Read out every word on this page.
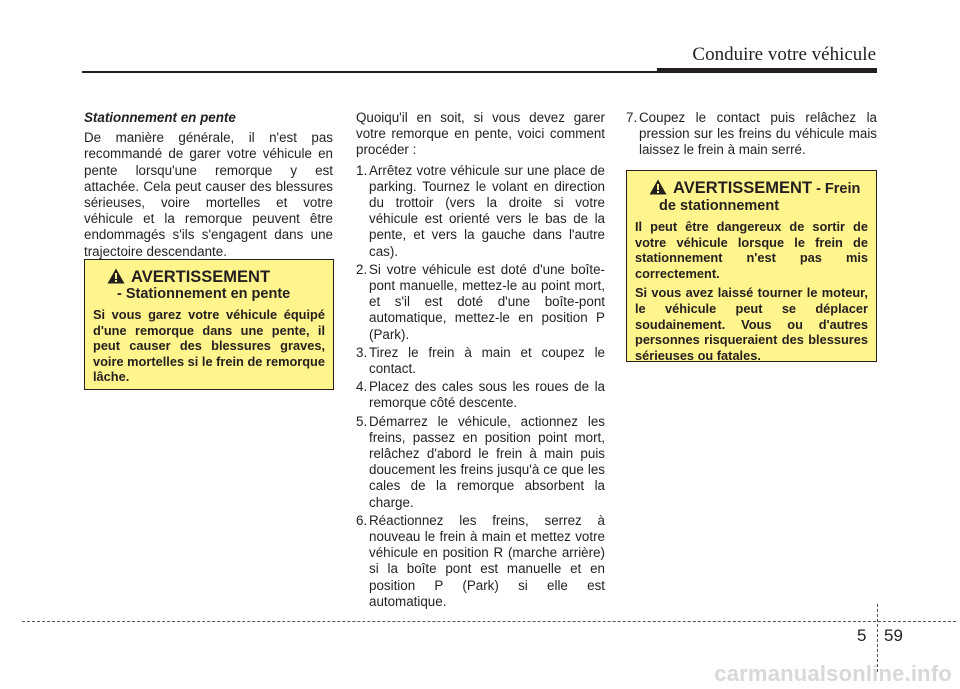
Conduire votre véhicule
Stationnement en pente

De manière générale, il n'est pas recommandé de garer votre véhicule en pente lorsqu'une remorque y est attachée. Cela peut causer des blessures sérieuses, voire mortelles et votre véhicule et la remorque peuvent être endommagés s'ils s'engagent dans une trajectoire descendante.

AVERTISSEMENT
- Stationnement en pente

Si vous garez votre véhicule équipé d'une remorque dans une pente, il peut causer des blessures graves, voire mortelles si le frein de remorque lâche.

Quoiqu'il en soit, si vous devez garer votre remorque en pente, voici comment procéder :

1. Arrêtez votre véhicule sur une place de parking. Tournez le volant en direction du trottoir (vers la droite si votre véhicule est orienté vers le bas de la pente, et vers la gauche dans l'autre cas).
2. Si votre véhicule est doté d'une boîte-pont manuelle, mettez-le au point mort, et s'il est doté d'une boîte-pont automatique, mettez-le en position P (Park).
3. Tirez le frein à main et coupez le contact.
4. Placez des cales sous les roues de la remorque côté descente.
5. Démarrez le véhicule, actionnez les freins, passez en position point mort, relâchez d'abord le frein à main puis doucement les freins jusqu'à ce que les cales de la remorque absorbent la charge.
6. Réactionnez les freins, serrez à nouveau le frein à main et mettez votre véhicule en position R (marche arrière) si la boîte pont est manuelle et en position P (Park) si elle est automatique.
7. Coupez le contact puis relâchez la pression sur les freins du véhicule mais laissez le frein à main serré.
AVERTISSEMENT - Frein
de stationnement

Il peut être dangereux de sortir de votre véhicule lorsque le frein de stationnement n'est pas mis correctement.

Si vous avez laissé tourner le moteur, le véhicule peut se déplacer soudainement. Vous ou d'autres personnes risqueraient des blessures sérieuses ou fatales.

5 59
carmanualsonline.info
